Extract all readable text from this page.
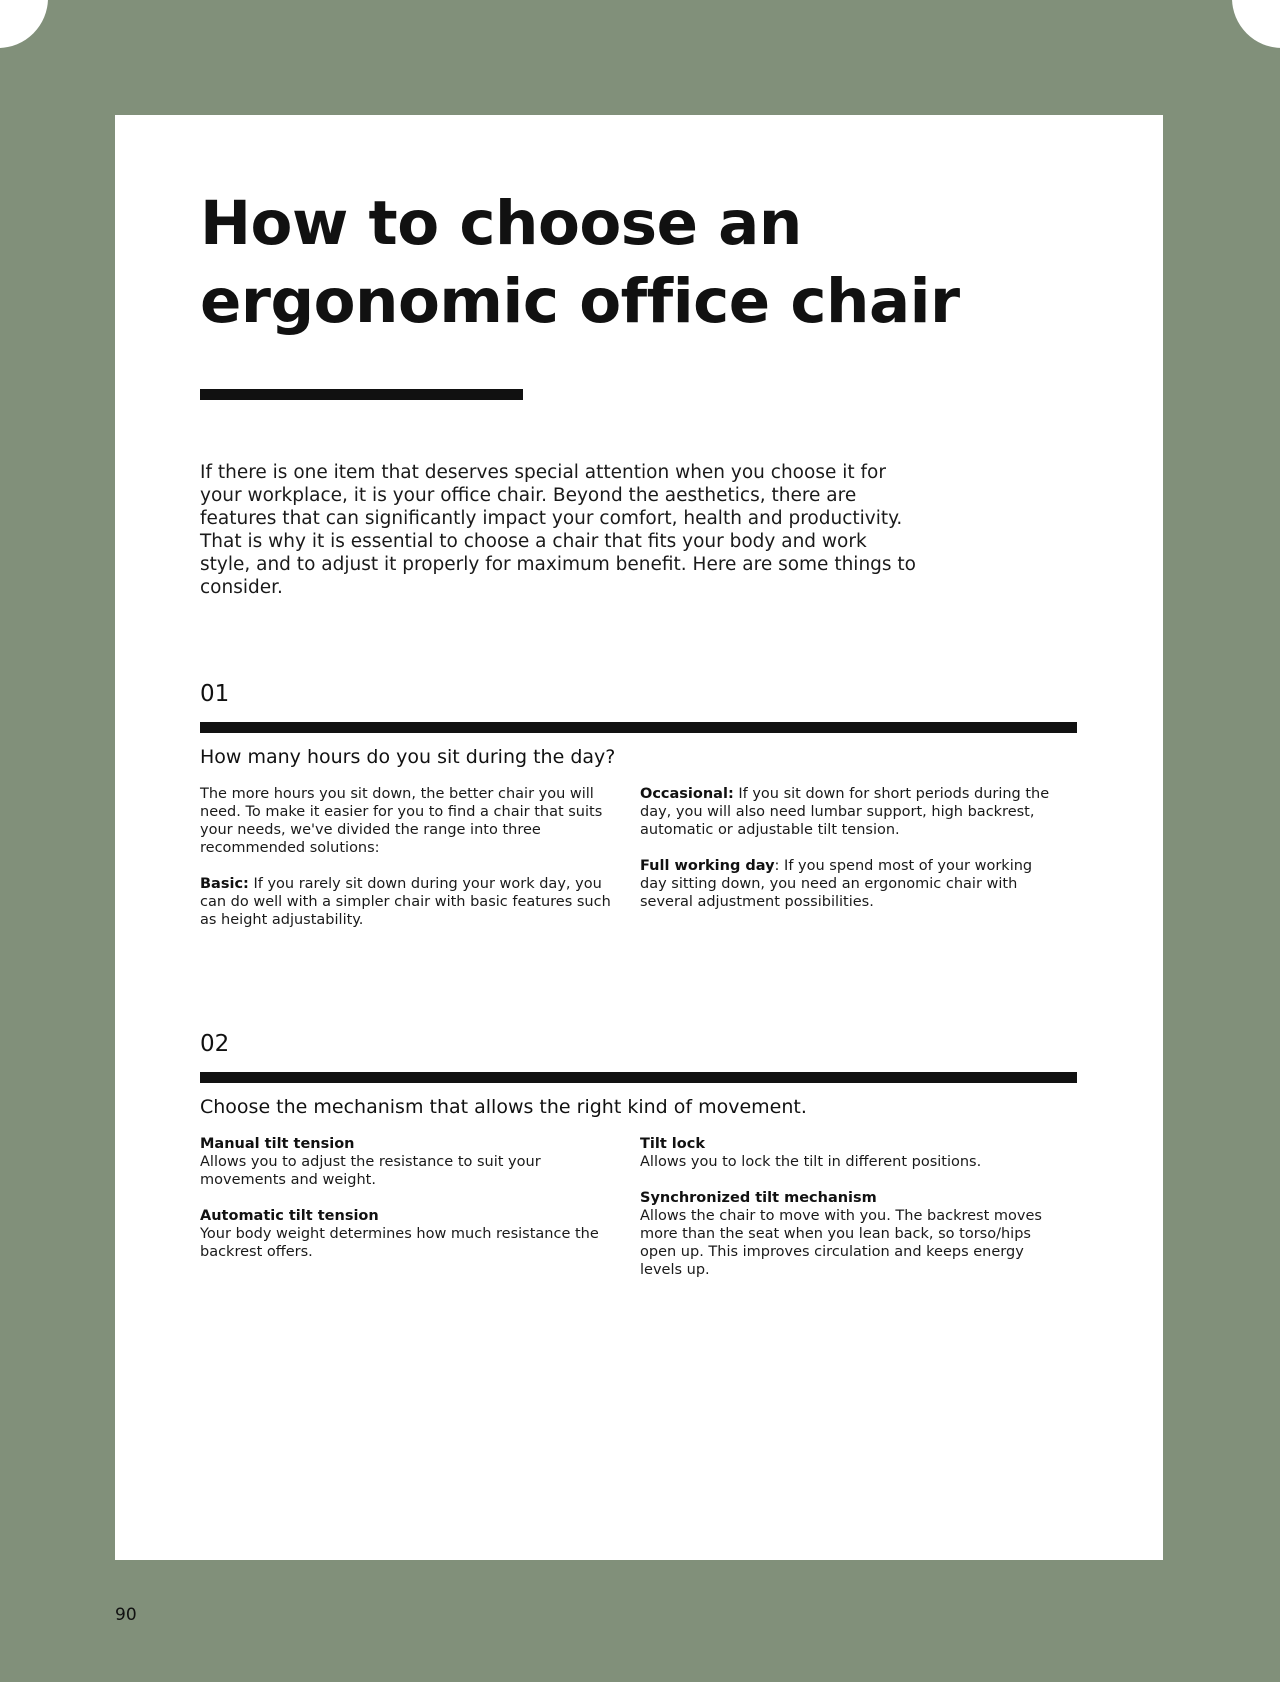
How to choose an
ergonomic office chair

If there is one item that deserves special attention when you choose it for your workplace, it is your office chair. Beyond the aesthetics, there are features that can significantly impact your comfort, health and productivity. That is why it is essential to choose a chair that fits your body and work style, and to adjust it properly for maximum benefit. Here are some things to consider.

01
How many hours do you sit during the day?

The more hours you sit down, the better chair you will need. To make it easier for you to find a chair that suits your needs, we've divided the range into three recommended solutions:

Basic: If you rarely sit down during your work day, you can do well with a simpler chair with basic features such as height adjustability.

Occasional: If you sit down for short periods during the day, you will also need lumbar support, high backrest, automatic or adjustable tilt tension.

Full working day: If you spend most of your working day sitting down, you need an ergonomic chair with several adjustment possibilities.

02
Choose the mechanism that allows the right kind of movement.

Manual tilt tension
Allows you to adjust the resistance to suit your movements and weight.

Automatic tilt tension
Your body weight determines how much resistance the backrest offers.

Tilt lock
Allows you to lock the tilt in different positions.

Synchronized tilt mechanism
Allows the chair to move with you. The backrest moves more than the seat when you lean back, so torso/hips open up. This improves circulation and keeps energy levels up.

90
